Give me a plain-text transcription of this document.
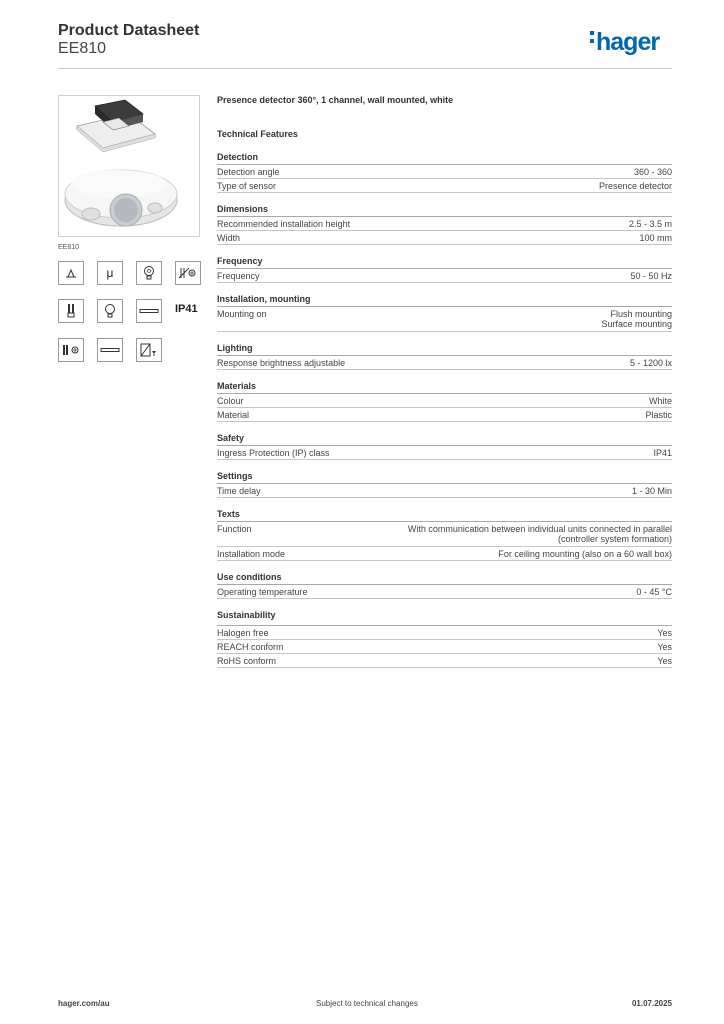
Product Datasheet
EE810	hager
EE810
μ
IP41
Presence detector 360°, 1 channel, wall mounted, white
Technical Features
Detection
Detection angle	360 - 360
Type of sensor	Presence detector
Dimensions
Recommended installation height	2.5 - 3.5 m
Width	100 mm
Frequency
Frequency	50 - 50 Hz
Installation, mounting
Mounting on	Flush mounting
Surface mounting
Lighting
Response brightness adjustable	5 - 1200 lx
Materials
Colour	White
Material	Plastic
Safety
Ingress Protection (IP) class	IP41
Settings
Time delay	1 - 30 Min
Texts
Function	With communication between individual units connected in parallel
(controller system formation)
Installation mode	For ceiling mounting (also on a 60 wall box)
Use conditions
Operating temperature	0 - 45 °C
Sustainability
Halogen free	Yes
REACH conform	Yes
RoHS conform	Yes
hager.com/au	Subject to technical changes	01.07.2025
